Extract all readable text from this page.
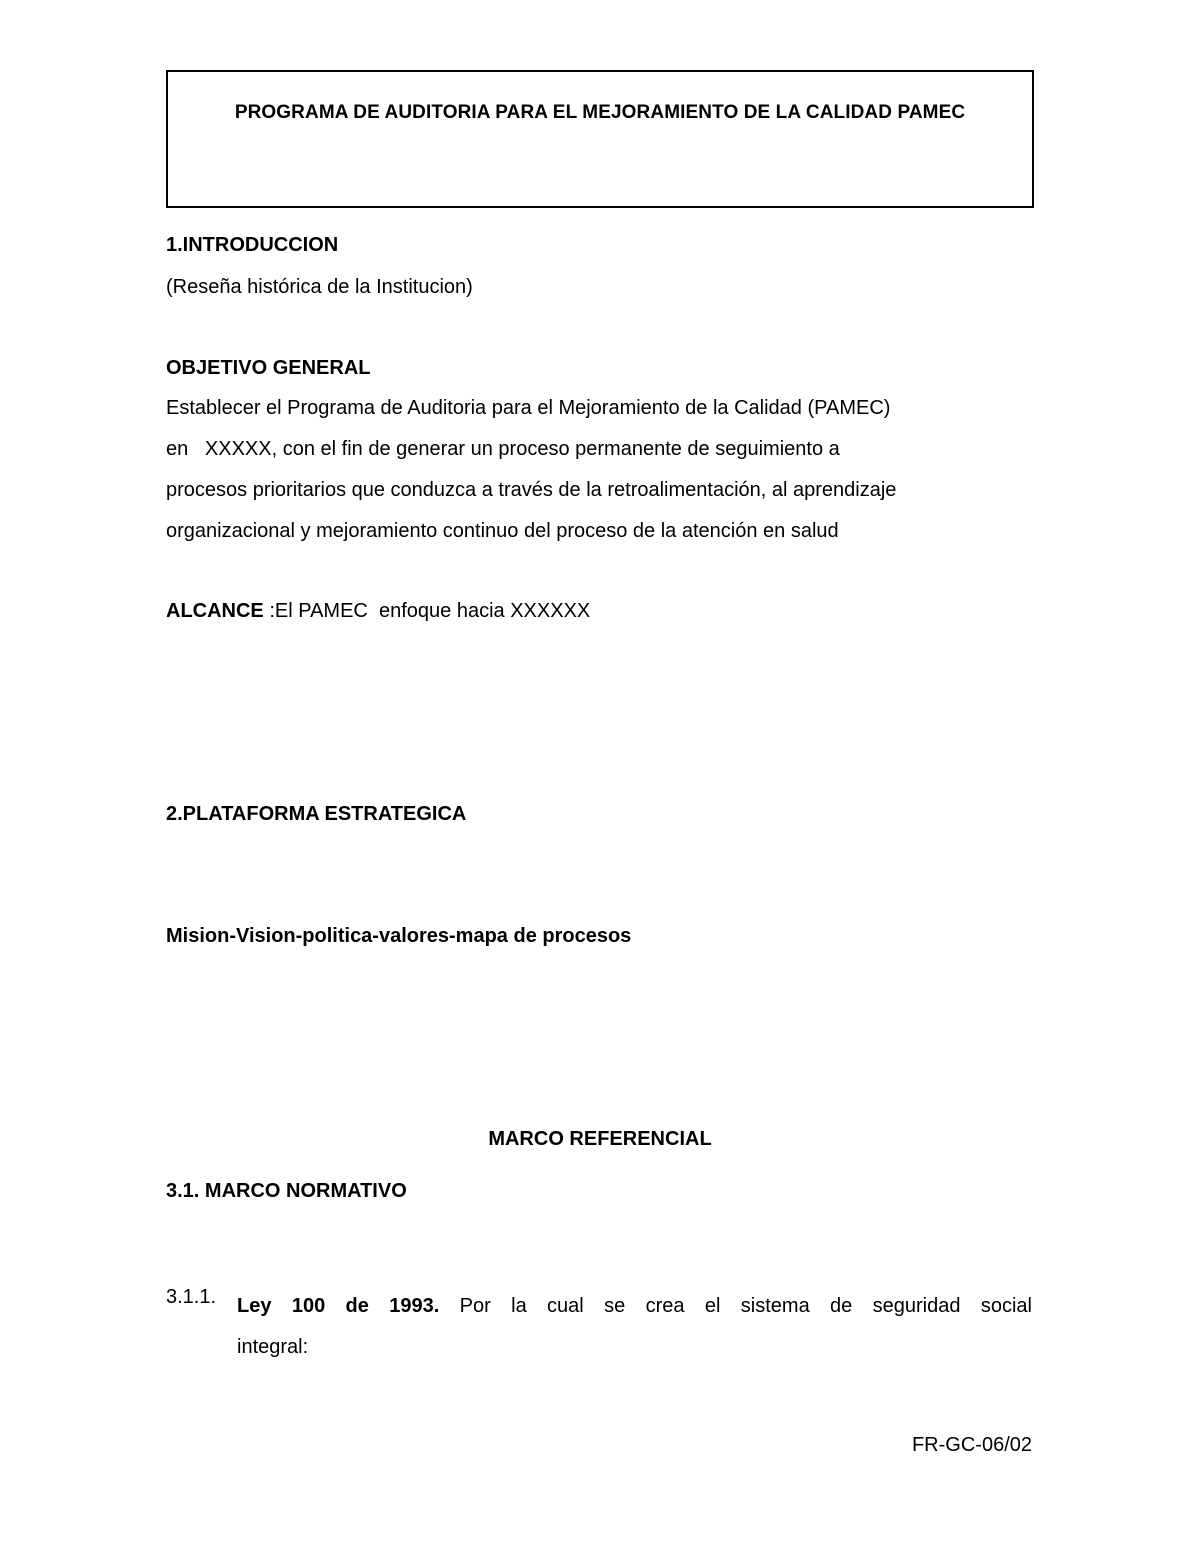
PROGRAMA DE AUDITORIA PARA EL MEJORAMIENTO DE LA CALIDAD PAMEC
1.INTRODUCCION
(Reseña histórica de la Institucion)
OBJETIVO GENERAL
Establecer el Programa de Auditoria para el Mejoramiento de la Calidad (PAMEC)
en   XXXXX, con el fin de generar un proceso permanente de seguimiento a
procesos prioritarios que conduzca a través de la retroalimentación, al aprendizaje
organizacional y mejoramiento continuo del proceso de la atención en salud
ALCANCE :El PAMEC  enfoque hacia XXXXXX
2.PLATAFORMA ESTRATEGICA
Mision-Vision-politica-valores-mapa de procesos
MARCO REFERENCIAL
3.1. MARCO NORMATIVO
3.1.1. Ley 100 de 1993. Por la cual se crea el sistema de seguridad social
integral:
FR-GC-06/02
